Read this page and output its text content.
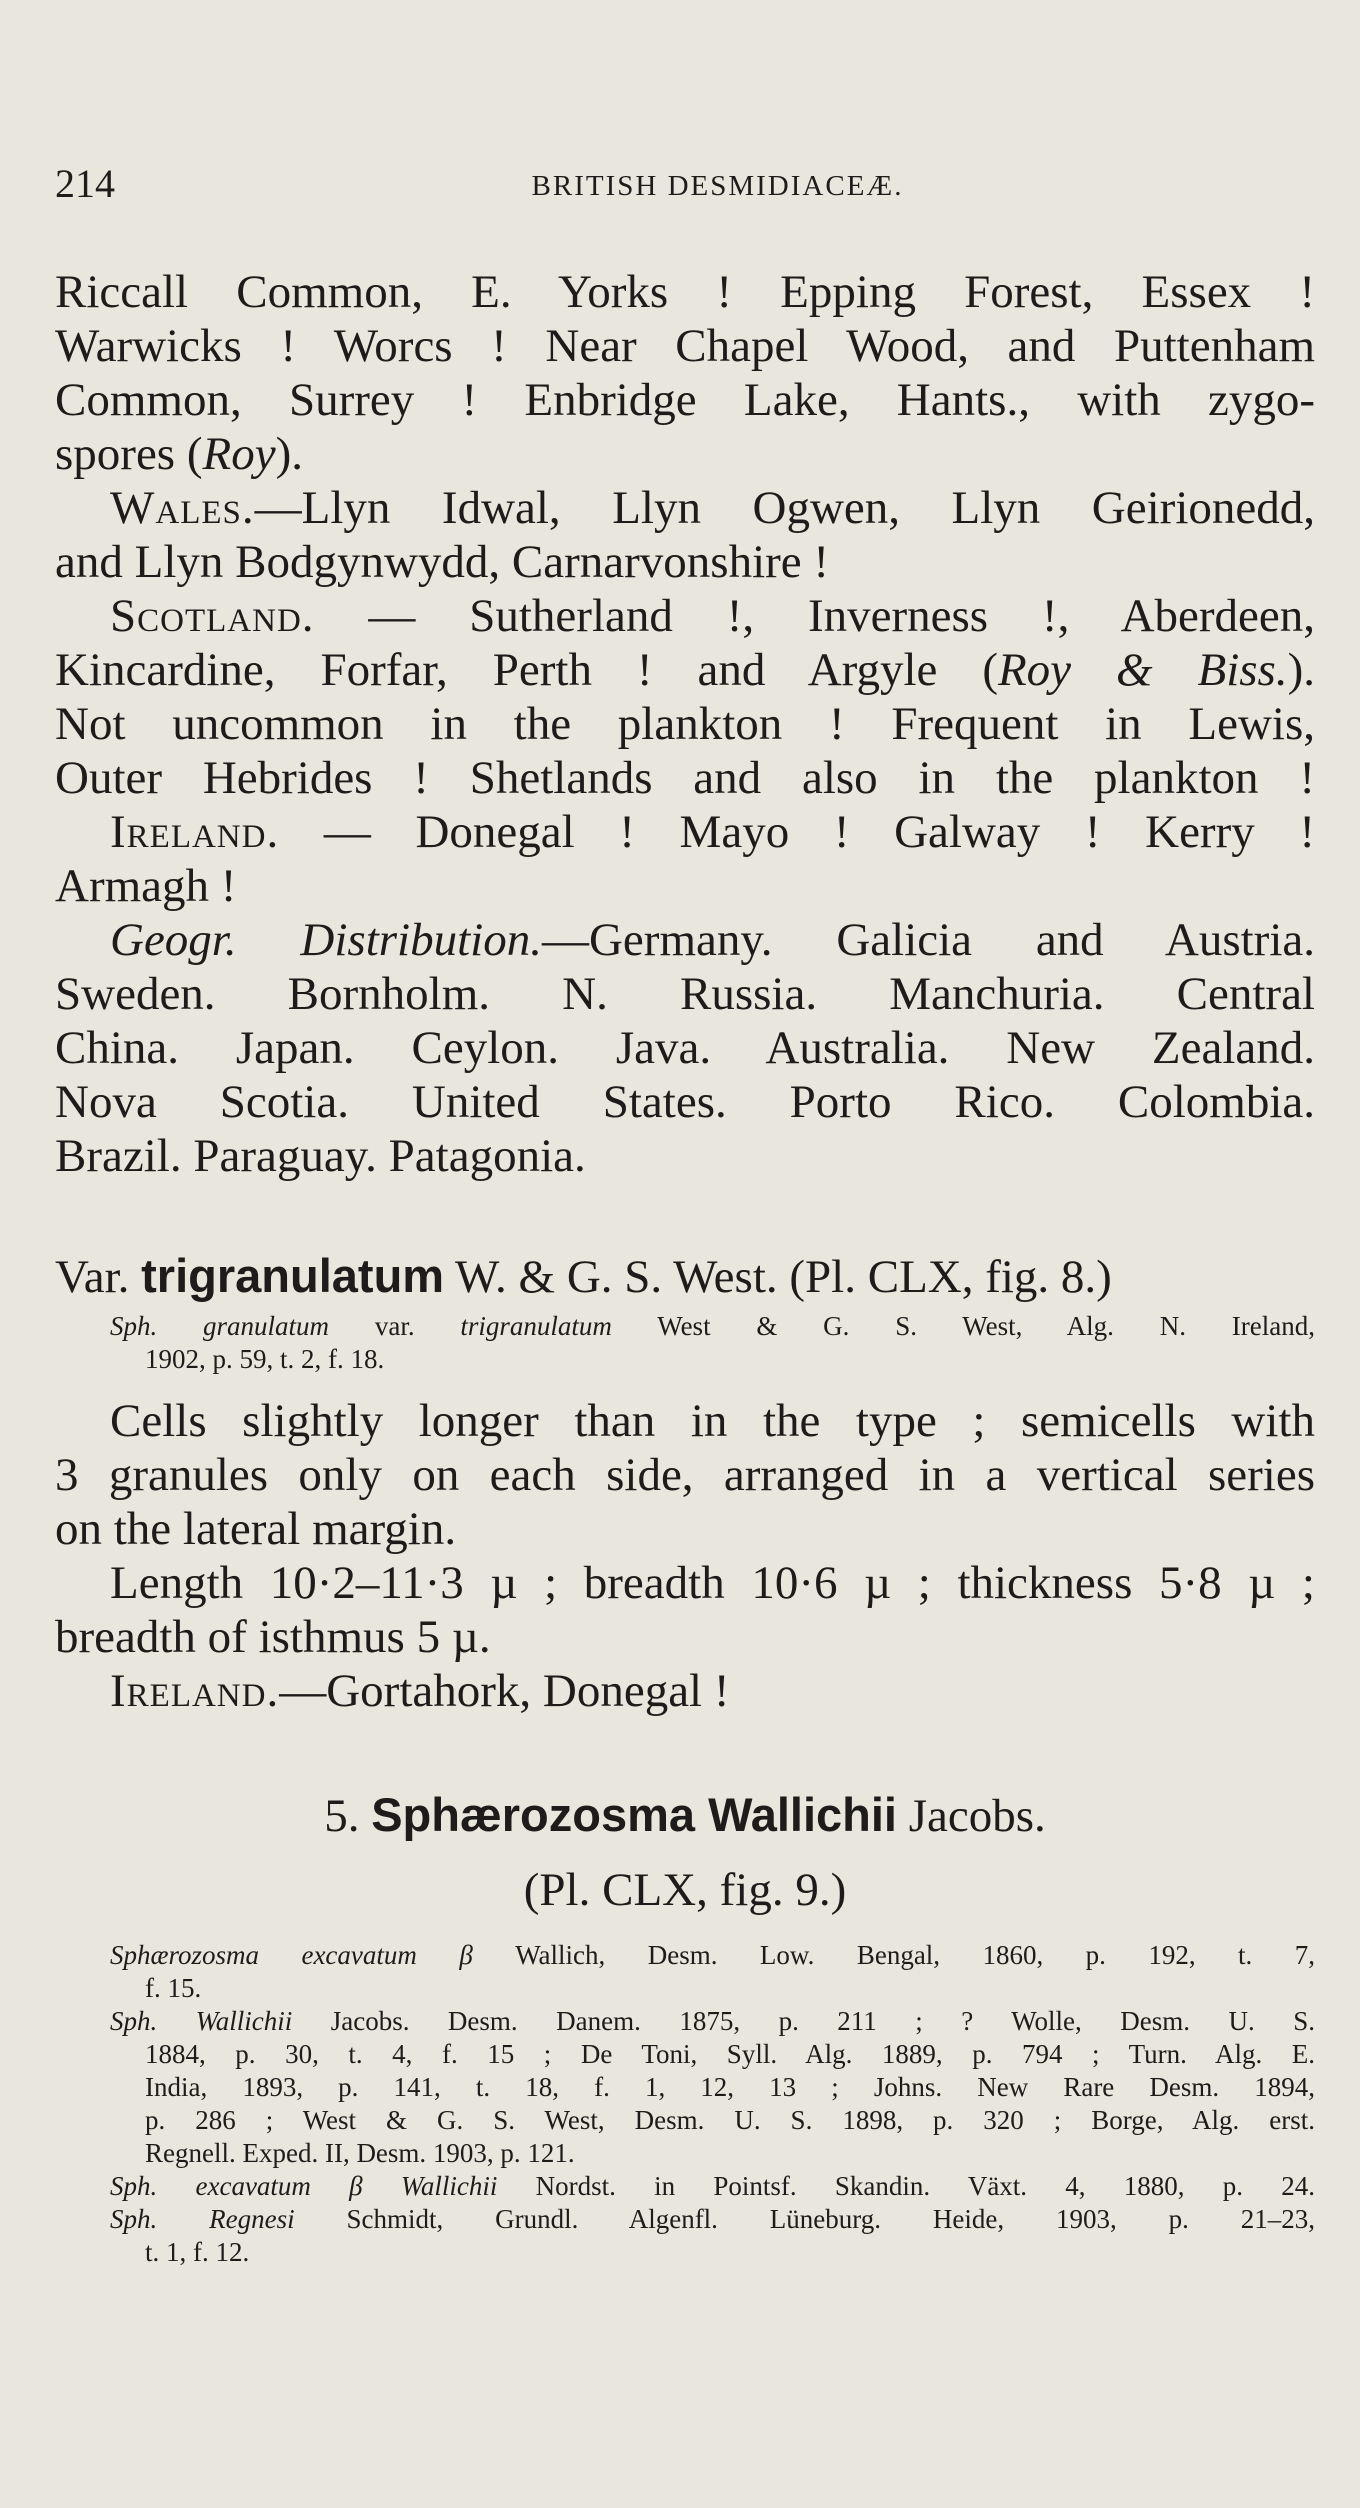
214	BRITISH DESMIDIACEÆ.
Riccall Common, E. Yorks ! Epping Forest, Essex !
Warwicks ! Worcs ! Near Chapel Wood, and Puttenham
Common, Surrey ! Enbridge Lake, Hants., with zygo-
spores (Roy).
Wales.—Llyn Idwal, Llyn Ogwen, Llyn Geirionedd,
and Llyn Bodgynwydd, Carnarvonshire !
Scotland. — Sutherland !, Inverness !, Aberdeen,
Kincardine, Forfar, Perth ! and Argyle (Roy & Biss.).
Not uncommon in the plankton ! Frequent in Lewis,
Outer Hebrides ! Shetlands and also in the plankton !
Ireland. — Donegal ! Mayo ! Galway ! Kerry !
Armagh !
Geogr. Distribution.—Germany. Galicia and Austria.
Sweden. Bornholm. N. Russia. Manchuria. Central
China. Japan. Ceylon. Java. Australia. New Zealand.
Nova Scotia. United States. Porto Rico. Colombia.
Brazil. Paraguay. Patagonia.
Var. trigranulatum W. & G. S. West. (Pl. CLX, fig. 8.)
Sph. granulatum var. trigranulatum West & G. S. West, Alg. N. Ireland,
1902, p. 59, t. 2, f. 18.
Cells slightly longer than in the type ; semicells with
3 granules only on each side, arranged in a vertical series
on the lateral margin.
Length 10·2–11·3 µ ; breadth 10·6 µ ; thickness 5·8 µ ;
breadth of isthmus 5 µ.
Ireland.—Gortahork, Donegal !
5. Sphærozosma Wallichii Jacobs.
(Pl. CLX, fig. 9.)
Sphærozosma excavatum β Wallich, Desm. Low. Bengal, 1860, p. 192, t. 7,
f. 15.
Sph. Wallichii Jacobs. Desm. Danem. 1875, p. 211 ; ? Wolle, Desm. U. S.
1884, p. 30, t. 4, f. 15 ; De Toni, Syll. Alg. 1889, p. 794 ; Turn. Alg. E.
India, 1893, p. 141, t. 18, f. 1, 12, 13 ; Johns. New Rare Desm. 1894,
p. 286 ; West & G. S. West, Desm. U. S. 1898, p. 320 ; Borge, Alg. erst.
Regnell. Exped. II, Desm. 1903, p. 121.
Sph. excavatum β Wallichii Nordst. in Pointsf. Skandin. Växt. 4, 1880, p. 24.
Sph. Regnesi Schmidt, Grundl. Algenfl. Lüneburg. Heide, 1903, p. 21–23,
t. 1, f. 12.
